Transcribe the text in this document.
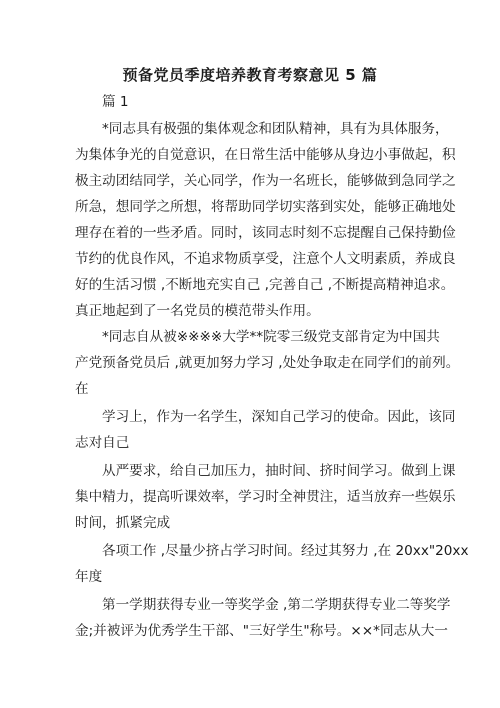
预备党员季度培养教育考察意见 5 篇
篇 1
*同志具有极强的集体观念和团队精神，具有为具体服务，
为集体争光的自觉意识，在日常生活中能够从身边小事做起，积
极主动团结同学，关心同学，作为一名班长，能够做到急同学之
所急，想同学之所想，将帮助同学切实落到实处，能够正确地处
理存在着的一些矛盾。同时，该同志时刻不忘提醒自己保持勤俭
节约的优良作风，不追求物质享受，注意个人文明素质，养成良
好的生活习惯 ,不断地充实自己 ,完善自己 ,不断提高精神追求。
真正地起到了一名党员的模范带头作用。
*同志自从被※※※※大学**院零三级党支部肯定为中国共
产党预备党员后 ,就更加努力学习 ,处处争取走在同学们的前列。
在
学习上，作为一名学生，深知自己学习的使命。因此，该同
志对自己
从严要求，给自己加压力，抽时间、挤时间学习。做到上课
集中精力，提高听课效率，学习时全神贯注，适当放弃一些娱乐
时间，抓紧完成
各项工作 ,尽量少挤占学习时间。经过其努力 ,在 20xx"20xx
年度
第一学期获得专业一等奖学金 ,第二学期获得专业二等奖学
金;并被评为优秀学生干部、"三好学生"称号。××*同志从大一
